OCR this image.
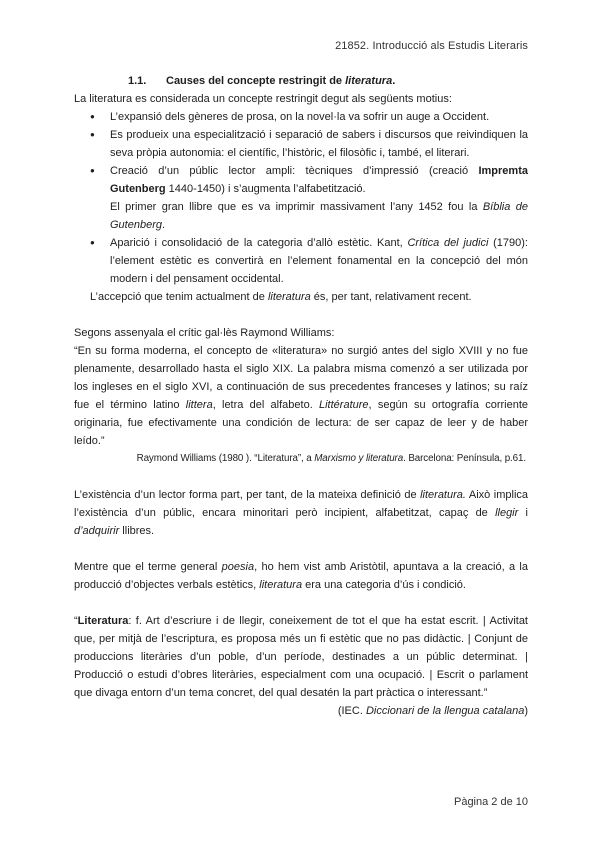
21852. Introducció als Estudis Literaris

1.1. Causes del concepte restringit de literatura.

La literatura es considerada un concepte restringit degut als següents motius:

● L’expansió dels gèneres de prosa, on la novel·la va sofrir un auge a Occident.
● Es produeix una especialització i separació de sabers i discursos que reivindiquen la seva pròpia autonomia: el científic, l’històric, el filosòfic i, també, el literari.
● Creació d’un públic lector ampli: tècniques d’impressió (creació Impremta Gutenberg 1440-1450) i s’augmenta l’alfabetització.
El primer gran llibre que es va imprimir massivament l’any 1452 fou la Bíblia de Gutenberg.
● Aparició i consolidació de la categoria d’allò estètic. Kant, Crítica del judici (1790): l’element estètic es convertirà en l’element fonamental en la concepció del món modern i del pensament occidental.

L’accepció que tenim actualment de literatura és, per tant, relativament recent.

Segons assenyala el crític gal·lès Raymond Williams:

“En su forma moderna, el concepto de «literatura» no surgió antes del siglo XVIII y no fue plenamente, desarrollado hasta el siglo XIX. La palabra misma comenzó a ser utilizada por los ingleses en el siglo XVI, a continuación de sus precedentes franceses y latinos; su raíz fue el término latino littera, letra del alfabeto. Littérature, según su ortografía corriente originaria, fue efectivamente una condición de lectura: de ser capaz de leer y de haber leído.”

Raymond Williams (1980 ). “Literatura”, a Marxismo y literatura. Barcelona: Península, p.61.

L’existència d’un lector forma part, per tant, de la mateixa definició de literatura. Això implica l’existència d’un públic, encara minoritari però incipient, alfabetitzat, capaç de llegir i d’adquirir llibres.

Mentre que el terme general poesia, ho hem vist amb Aristòtil, apuntava a la creació, a la producció d’objectes verbals estètics, literatura era una categoria d’ús i condició.

“Literatura: f. Art d’escriure i de llegir, coneixement de tot el que ha estat escrit. | Activitat que, per mitjà de l’escriptura, es proposa més un fi estètic que no pas didàctic. | Conjunt de produccions literàries d’un poble, d’un període, destinades a un públic determinat. | Producció o estudi d’obres literàries, especialment com una ocupació. | Escrit o parlament que divaga entorn d’un tema concret, del qual desatén la part pràctica o interessant.”

(IEC. Diccionari de la llengua catalana)

Pàgina 2 de 10
